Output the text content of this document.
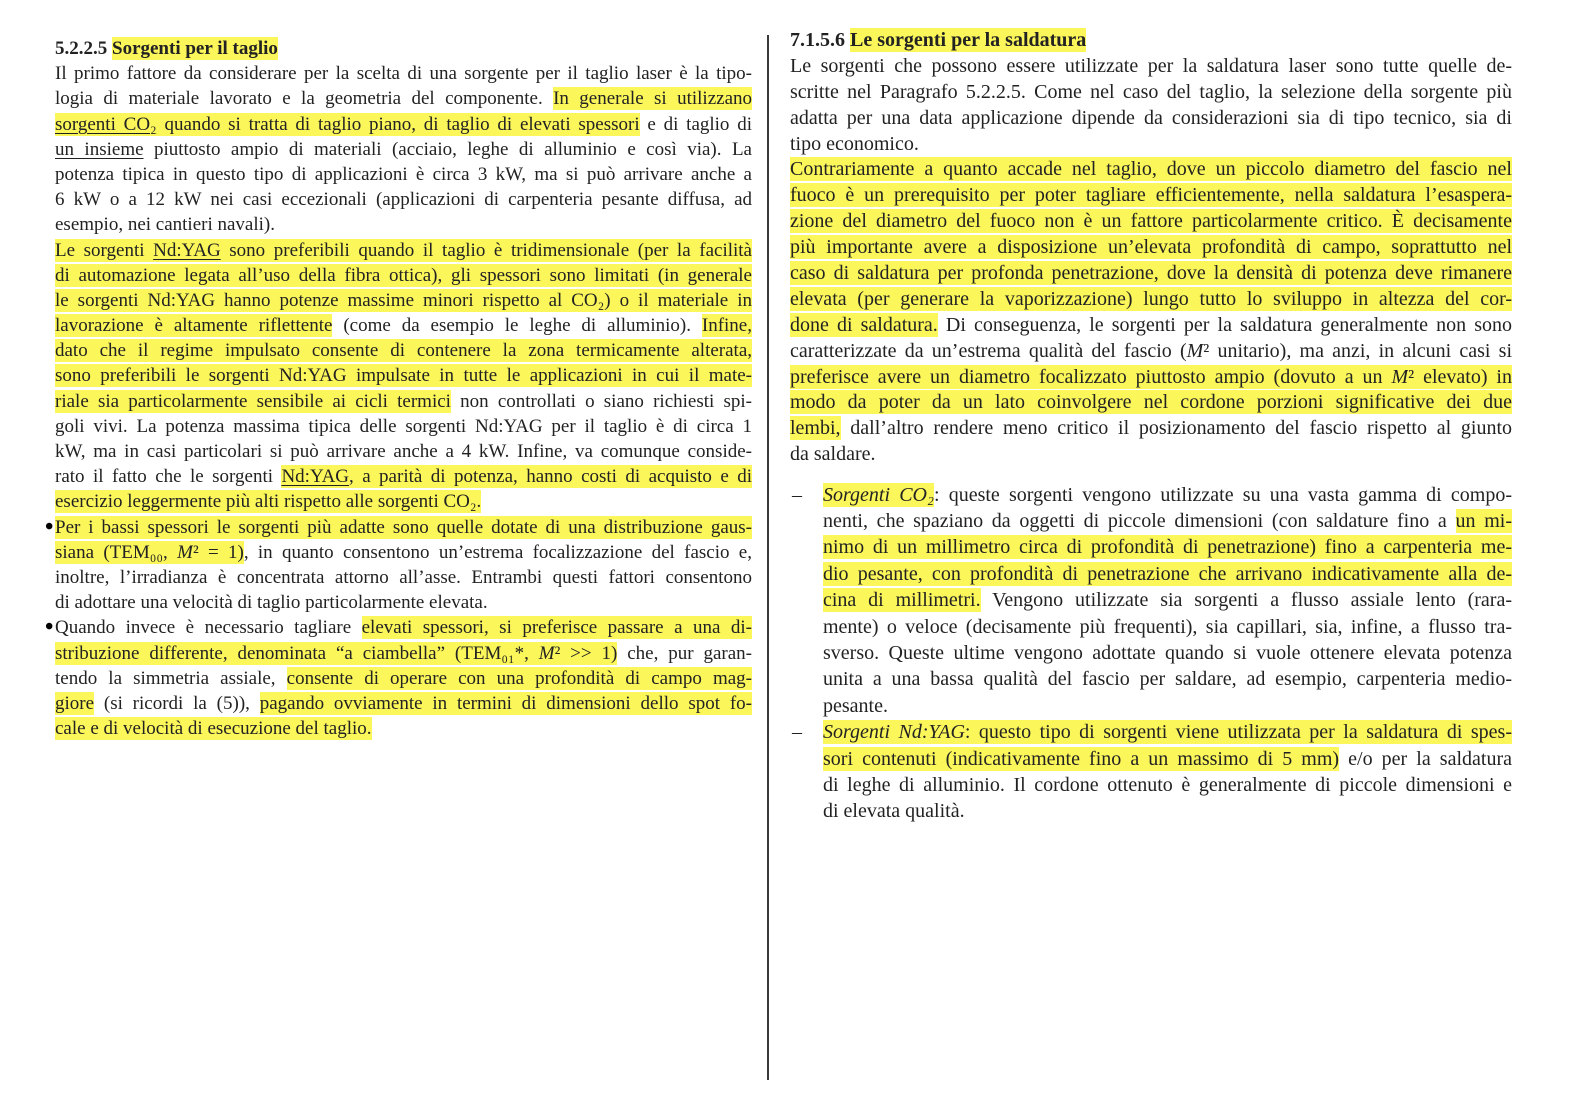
5.2.2.5 Sorgenti per il taglio
Il primo fattore da considerare per la scelta di una sorgente per il taglio laser è la tipo-
logia di materiale lavorato e la geometria del componente. In generale si utilizzano
sorgenti CO₂ quando si tratta di taglio piano, di taglio di elevati spessori e di taglio di
un insieme piuttosto ampio di materiali (acciaio, leghe di alluminio e così via). La
potenza tipica in questo tipo di applicazioni è circa 3 kW, ma si può arrivare anche a
6 kW o a 12 kW nei casi eccezionali (applicazioni di carpenteria pesante diffusa, ad
esempio, nei cantieri navali).
Le sorgenti Nd:YAG sono preferibili quando il taglio è tridimensionale (per la facilità
di automazione legata all’uso della fibra ottica), gli spessori sono limitati (in generale
le sorgenti Nd:YAG hanno potenze massime minori rispetto al CO₂) o il materiale in
lavorazione è altamente riflettente (come da esempio le leghe di alluminio). Infine,
dato che il regime impulsato consente di contenere la zona termicamente alterata,
sono preferibili le sorgenti Nd:YAG impulsate in tutte le applicazioni in cui il mate-
riale sia particolarmente sensibile ai cicli termici non controllati o siano richiesti spi-
goli vivi. La potenza massima tipica delle sorgenti Nd:YAG per il taglio è di circa 1
kW, ma in casi particolari si può arrivare anche a 4 kW. Infine, va comunque conside-
rato il fatto che le sorgenti Nd:YAG, a parità di potenza, hanno costi di acquisto e di
esercizio leggermente più alti rispetto alle sorgenti CO₂.
• Per i bassi spessori le sorgenti più adatte sono quelle dotate di una distribuzione gaus-
siana (TEM₀₀, M² = 1), in quanto consentono un’estrema focalizzazione del fascio e,
inoltre, l’irradianza è concentrata attorno all’asse. Entrambi questi fattori consentono
di adottare una velocità di taglio particolarmente elevata.
• Quando invece è necessario tagliare elevati spessori, si preferisce passare a una di-
stribuzione differente, denominata “a ciambella” (TEM₀₁*, M² >> 1) che, pur garan-
tendo la simmetria assiale, consente di operare con una profondità di campo mag-
giore (si ricordi la (5)), pagando ovviamente in termini di dimensioni dello spot fo-
cale e di velocità di esecuzione del taglio.
7.1.5.6 Le sorgenti per la saldatura
Le sorgenti che possono essere utilizzate per la saldatura laser sono tutte quelle de-
scritte nel Paragrafo 5.2.2.5. Come nel caso del taglio, la selezione della sorgente più
adatta per una data applicazione dipende da considerazioni sia di tipo tecnico, sia di
tipo economico.
Contrariamente a quanto accade nel taglio, dove un piccolo diametro del fascio nel
fuoco è un prerequisito per poter tagliare efficientemente, nella saldatura l’esaspera-
zione del diametro del fuoco non è un fattore particolarmente critico. È decisamente
più importante avere a disposizione un’elevata profondità di campo, soprattutto nel
caso di saldatura per profonda penetrazione, dove la densità di potenza deve rimanere
elevata (per generare la vaporizzazione) lungo tutto lo sviluppo in altezza del cor-
done di saldatura. Di conseguenza, le sorgenti per la saldatura generalmente non sono
caratterizzate da un’estrema qualità del fascio (M² unitario), ma anzi, in alcuni casi si
preferisce avere un diametro focalizzato piuttosto ampio (dovuto a un M² elevato) in
modo da poter da un lato coinvolgere nel cordone porzioni significative dei due
lembi, dall’altro rendere meno critico il posizionamento del fascio rispetto al giunto
da saldare.
– Sorgenti CO₂: queste sorgenti vengono utilizzate su una vasta gamma di compo-
nenti, che spaziano da oggetti di piccole dimensioni (con saldature fino a un mi-
nimo di un millimetro circa di profondità di penetrazione) fino a carpenteria me-
dio pesante, con profondità di penetrazione che arrivano indicativamente alla de-
cina di millimetri. Vengono utilizzate sia sorgenti a flusso assiale lento (rara-
mente) o veloce (decisamente più frequenti), sia capillari, sia, infine, a flusso tra-
sverso. Queste ultime vengono adottate quando si vuole ottenere elevata potenza
unita a una bassa qualità del fascio per saldare, ad esempio, carpenteria medio-
pesante.
– Sorgenti Nd:YAG: questo tipo di sorgenti viene utilizzata per la saldatura di spes-
sori contenuti (indicativamente fino a un massimo di 5 mm) e/o per la saldatura
di leghe di alluminio. Il cordone ottenuto è generalmente di piccole dimensioni e
di elevata qualità.
